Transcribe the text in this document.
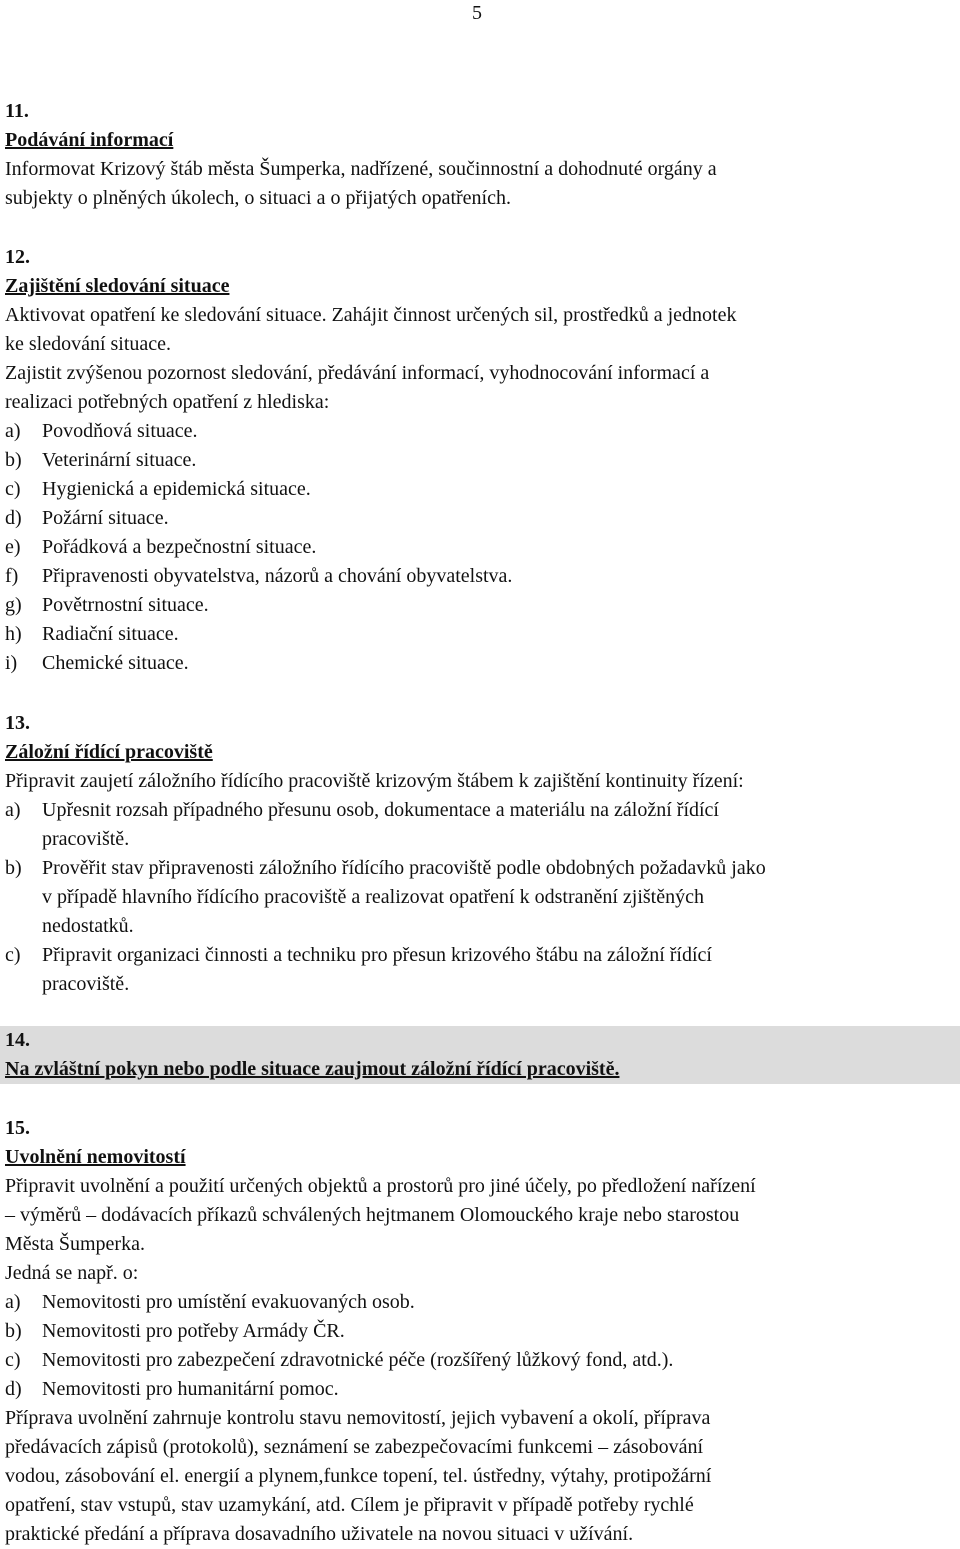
5
11.
Podávání informací
Informovat Krizový štáb města Šumperka, nadřízené, součinnostní a dohodnuté orgány a
subjekty o plněných úkolech, o situaci a o přijatých opatřeních.
12.
Zajištění sledování situace
Aktivovat opatření ke sledování situace. Zahájit činnost určených sil, prostředků a jednotek
ke sledování situace.
Zajistit zvýšenou pozornost sledování, předávání informací, vyhodnocování informací a
realizaci potřebných opatření z hlediska:
a)	Povodňová situace.
b)	Veterinární situace.
c)	Hygienická a epidemická situace.
d)	Požární situace.
e)	Pořádková a bezpečnostní situace.
f)	Připravenosti obyvatelstva, názorů a chování obyvatelstva.
g)	Povětrnostní situace.
h)	Radiační situace.
i)	Chemické situace.
13.
Záložní řídící pracoviště
Připravit zaujetí záložního řídícího pracoviště krizovým štábem k zajištění kontinuity řízení:
a)	Upřesnit rozsah případného přesunu osob, dokumentace a materiálu na záložní řídící
pracoviště.
b)	Prověřit stav připravenosti záložního řídícího pracoviště podle obdobných požadavků jako
v případě hlavního řídícího pracoviště a realizovat opatření k odstranění zjištěných
nedostatků.
c)	Připravit organizaci činnosti a techniku pro přesun krizového štábu na záložní řídící
pracoviště.
14.
Na zvláštní pokyn nebo podle situace zaujmout záložní řídící pracoviště.
15.
Uvolnění nemovitostí
Připravit uvolnění a použití určených objektů a prostorů pro jiné účely, po předložení nařízení
– výměrů – dodávacích příkazů schválených hejtmanem Olomouckého kraje nebo starostou
Města Šumperka.
Jedná se např. o:
a)	Nemovitosti pro umístění evakuovaných osob.
b)	Nemovitosti pro potřeby Armády ČR.
c)	Nemovitosti pro zabezpečení zdravotnické péče (rozšířený lůžkový fond, atd.).
d)	Nemovitosti pro humanitární pomoc.
Příprava uvolnění zahrnuje kontrolu stavu nemovitostí, jejich vybavení a okolí, příprava
předávacích zápisů (protokolů), seznámení se zabezpečovacími funkcemi – zásobování
vodou, zásobování el. energií a plynem,funkce topení, tel. ústředny, výtahy, protipožární
opatření, stav vstupů, stav uzamykání, atd. Cílem je připravit v případě potřeby rychlé
praktické předání a příprava dosavadního uživatele na novou situaci v užívání.
